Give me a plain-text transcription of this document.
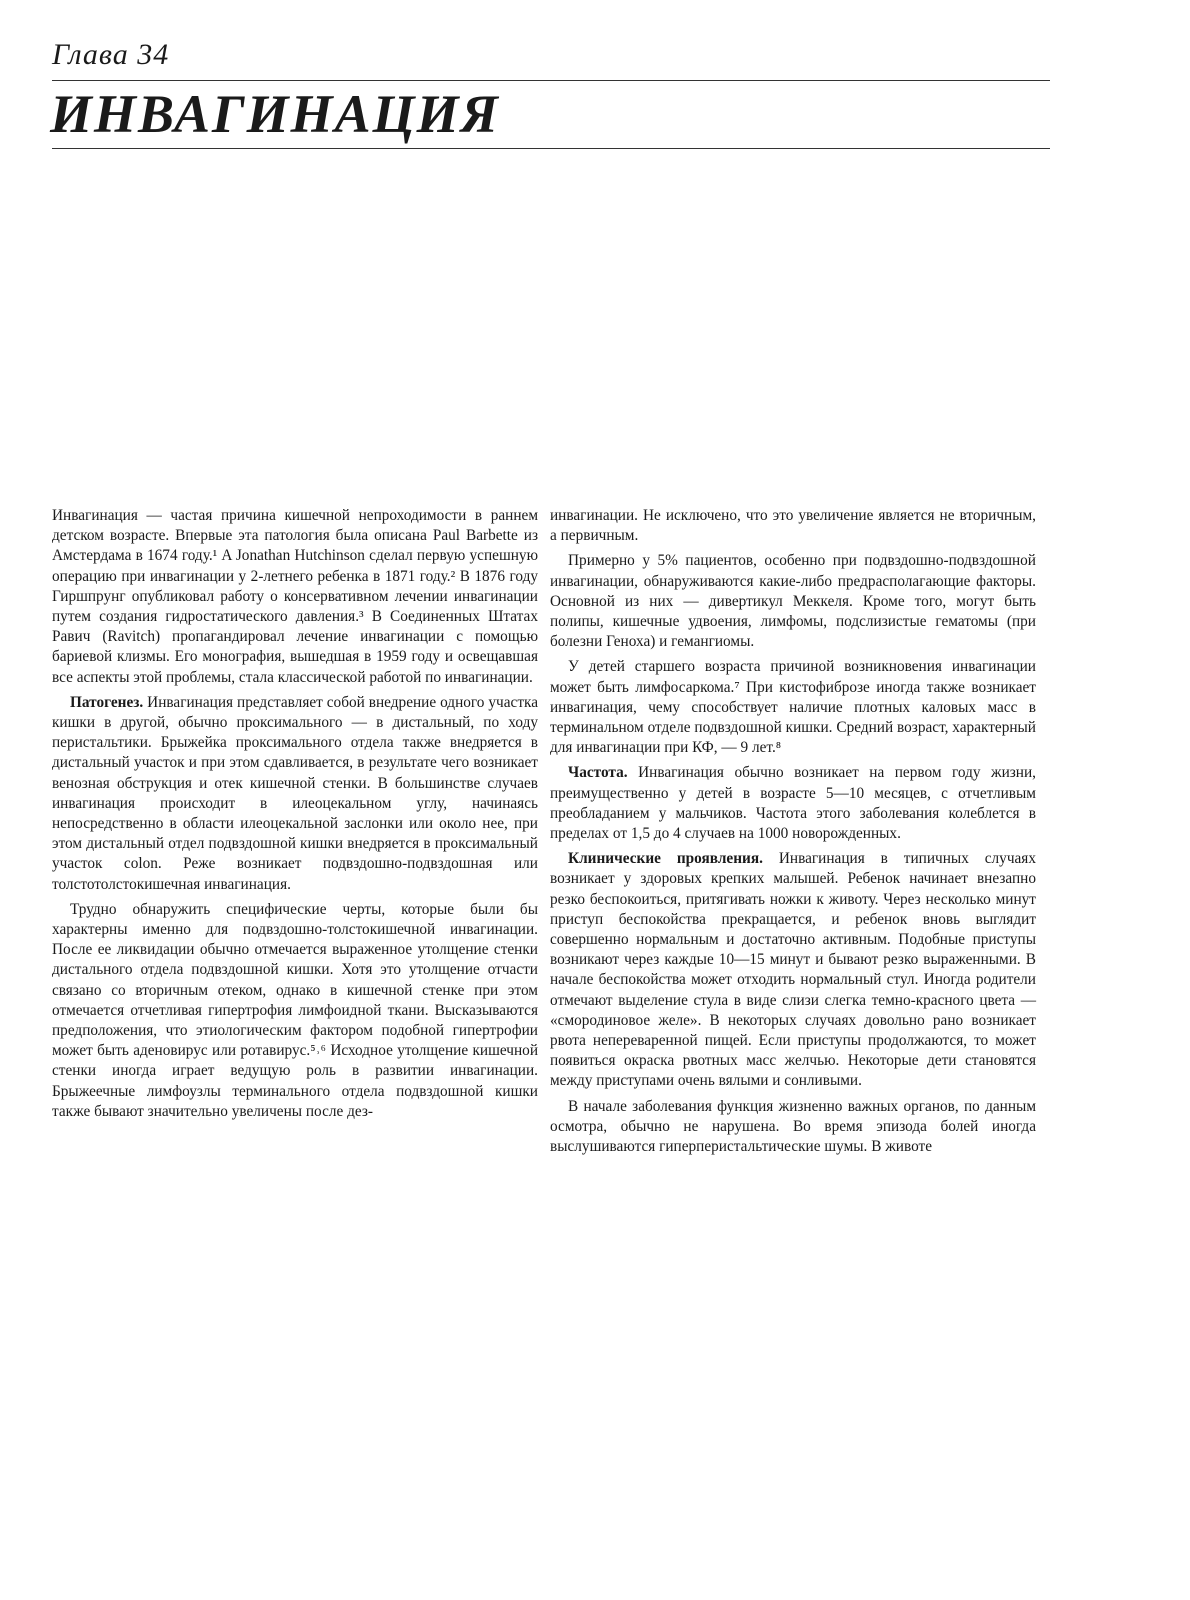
Глава 34
ИНВАГИНАЦИЯ

Инвагинация — частая причина кишечной непроходимости в раннем детском возрасте. Впервые эта патология была описана Paul Barbette из Амстердама в 1674 году.¹ A Jonathan Hutchinson сделал первую успешную операцию при инвагинации у 2-летнего ребенка в 1871 году.² В 1876 году Гиршпрунг опубликовал работу о консервативном лечении инвагинации путем создания гидростатического давления.³ В Соединенных Штатах Равич (Ravitch) пропагандировал лечение инвагинации с помощью бариевой клизмы. Его монография, вышедшая в 1959 году и освещавшая все аспекты этой проблемы, стала классической работой по инвагинации.

Патогенез. Инвагинация представляет собой внедрение одного участка кишки в другой, обычно проксимального — в дистальный, по ходу перистальтики. Брыжейка проксимального отдела также внедряется в дистальный участок и при этом сдавливается, в результате чего возникает венозная обструкция и отек кишечной стенки. В большинстве случаев инвагинация происходит в илеоцекальном углу, начинаясь непосредственно в области илеоцекальной заслонки или около нее, при этом дистальный отдел подвздошной кишки внедряется в проксимальный участок colon. Реже возникает подвздошно-подвздошная или толстотолстокишечная инвагинация.

Трудно обнаружить специфические черты, которые были бы характерны именно для подвздошно-толстокишечной инвагинации. После ее ликвидации обычно отмечается выраженное утолщение стенки дистального отдела подвздошной кишки. Хотя это утолщение отчасти связано со вторичным отеком, однако в кишечной стенке при этом отмечается отчетливая гипертрофия лимфоидной ткани. Высказываются предположения, что этиологическим фактором подобной гипертрофии может быть аденовирус или ротавирус.⁵˒⁶ Исходное утолщение кишечной стенки иногда играет ведущую роль в развитии инвагинации. Брыжеечные лимфоузлы терминального отдела подвздошной кишки также бывают значительно увеличены после дез-

инвагинации. Не исключено, что это увеличение является не вторичным, а первичным.

Примерно у 5% пациентов, особенно при подвздошно-подвздошной инвагинации, обнаруживаются какие-либо предрасполагающие факторы. Основной из них — дивертикул Меккеля. Кроме того, могут быть полипы, кишечные удвоения, лимфомы, подслизистые гематомы (при болезни Геноха) и гемангиомы.

У детей старшего возраста причиной возникновения инвагинации может быть лимфосаркома.⁷ При кистофиброзе иногда также возникает инвагинация, чему способствует наличие плотных каловых масс в терминальном отделе подвздошной кишки. Средний возраст, характерный для инвагинации при КФ, — 9 лет.⁸

Частота. Инвагинация обычно возникает на первом году жизни, преимущественно у детей в возрасте 5—10 месяцев, с отчетливым преобладанием у мальчиков. Частота этого заболевания колеблется в пределах от 1,5 до 4 случаев на 1000 новорожденных.

Клинические проявления. Инвагинация в типичных случаях возникает у здоровых крепких малышей. Ребенок начинает внезапно резко беспокоиться, притягивать ножки к животу. Через несколько минут приступ беспокойства прекращается, и ребенок вновь выглядит совершенно нормальным и достаточно активным. Подобные приступы возникают через каждые 10—15 минут и бывают резко выраженными. В начале беспокойства может отходить нормальный стул. Иногда родители отмечают выделение стула в виде слизи слегка темно-красного цвета — «смородиновое желе». В некоторых случаях довольно рано возникает рвота непереваренной пищей. Если приступы продолжаются, то может появиться окраска рвотных масс желчью. Некоторые дети становятся между приступами очень вялыми и сонливыми.

В начале заболевания функция жизненно важных органов, по данным осмотра, обычно не нарушена. Во время эпизода болей иногда выслушиваются гиперперистальтические шумы. В животе
